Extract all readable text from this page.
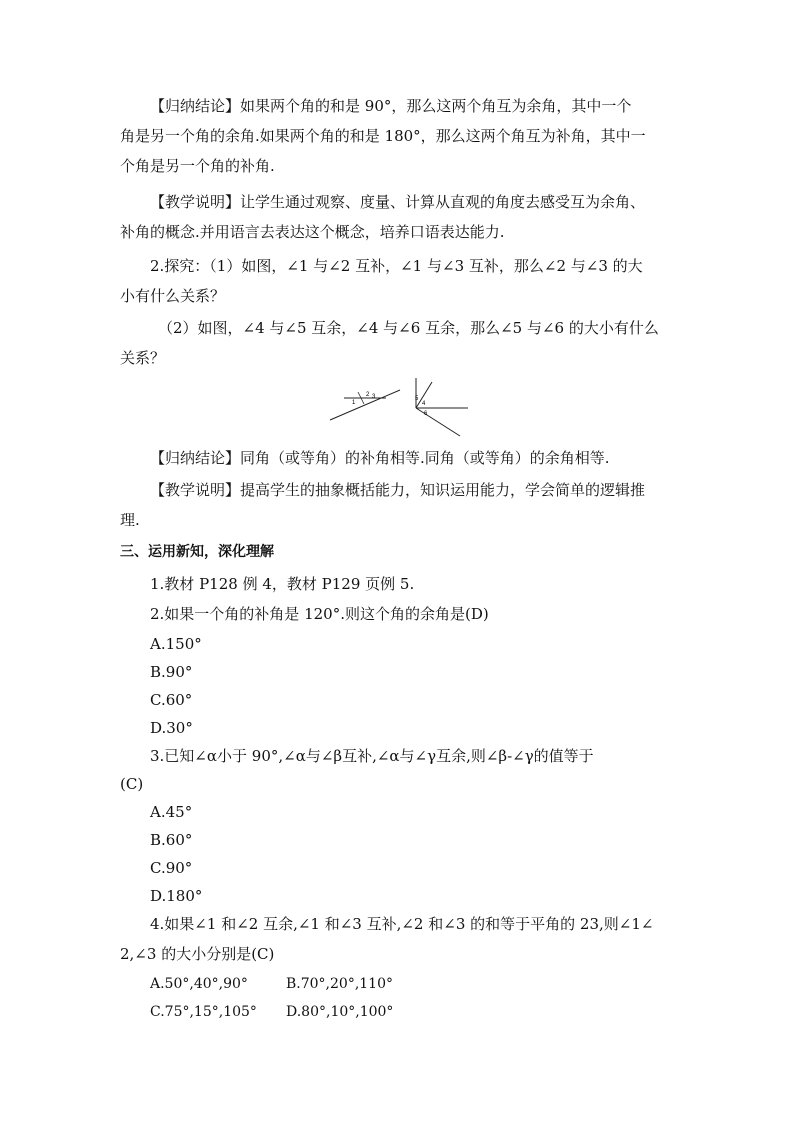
【归纳结论】如果两个角的和是 90°，那么这两个角互为余角，其中一个
角是另一个角的余角.如果两个角的和是 180°，那么这两个角互为补角，其中一
个角是另一个角的补角.
【教学说明】让学生通过观察、度量、计算从直观的角度去感受互为余角、
补角的概念.并用语言去表达这个概念，培养口语表达能力.
2.探究：（1）如图，∠1 与∠2 互补，∠1 与∠3 互补，那么∠2 与∠3 的大
小有什么关系？
（2）如图，∠4 与∠5 互余，∠4 与∠6 互余，那么∠5 与∠6 的大小有什么
关系？
1
2 3	5
4
6
【归纳结论】同角（或等角）的补角相等.同角（或等角）的余角相等.
【教学说明】提高学生的抽象概括能力，知识运用能力，学会简单的逻辑推
理.
三、运用新知，深化理解
1.教材 P128 例 4，教材 P129 页例 5.
2.如果一个角的补角是 120°.则这个角的余角是(D)
A.150°
B.90°
C.60°
D.30°
3.已知∠α小于 90°,∠α与∠β互补,∠α与∠γ互余,则∠β-∠γ的值等于
(C)
A.45°
B.60°
C.90°
D.180°
4.如果∠1 和∠2 互余,∠1 和∠3 互补,∠2 和∠3 的和等于平角的 23,则∠1∠
2,∠3 的大小分别是(C)
A.50°,40°,90°	B.70°,20°,110°
C.75°,15°,105° D.80°,10°,100°
